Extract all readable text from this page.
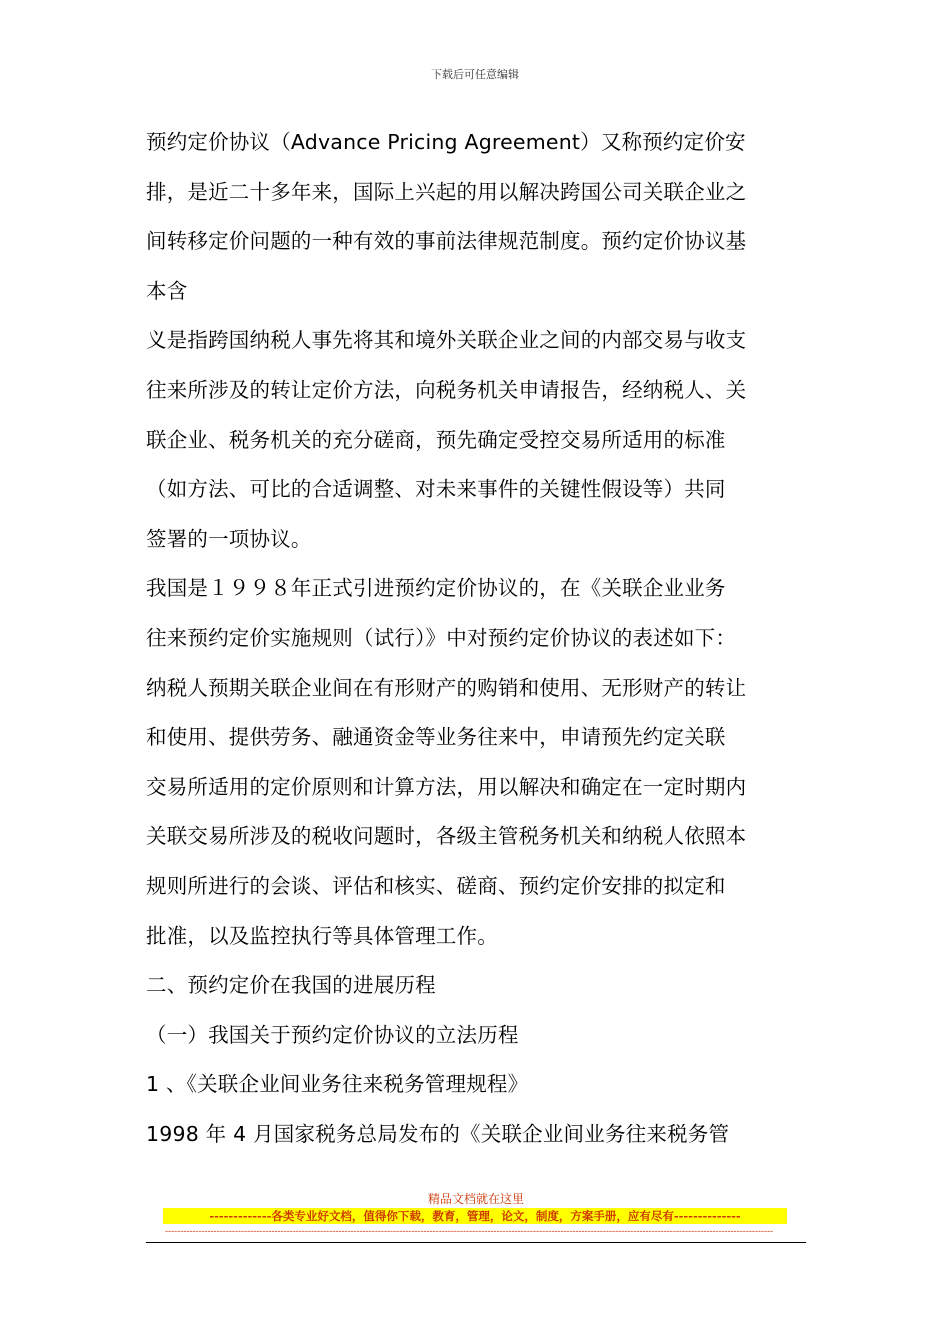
下载后可任意编辑
预约定价协议（Advance Pricing Agreement）又称预约定价安
排，是近二十多年来，国际上兴起的用以解决跨国公司关联企业之
间转移定价问题的一种有效的事前法律规范制度。预约定价协议基
本含
义是指跨国纳税人事先将其和境外关联企业之间的内部交易与收支
往来所涉及的转让定价方法，向税务机关申请报告，经纳税人、关
联企业、税务机关的充分磋商，预先确定受控交易所适用的标准
（如方法、可比的合适调整、对未来事件的关键性假设等）共同
签署的一项协议。
我国是１９９８年正式引进预约定价协议的，在《关联企业业务
往来预约定价实施规则（试行）》中对预约定价协议的表述如下：
纳税人预期关联企业间在有形财产的购销和使用、无形财产的转让
和使用、提供劳务、融通资金等业务往来中，申请预先约定关联
交易所适用的定价原则和计算方法，用以解决和确定在一定时期内
关联交易所涉及的税收问题时，各级主管税务机关和纳税人依照本
规则所进行的会谈、评估和核实、磋商、预约定价安排的拟定和
批准，以及监控执行等具体管理工作。
二、预约定价在我国的进展历程
（一）我国关于预约定价协议的立法历程
1 、《关联企业间业务往来税务管理规程》
1998 年 4 月国家税务总局发布的《关联企业间业务往来税务管
精品文档就在这里
-------------各类专业好文档，值得你下载，教育，管理，论文，制度，方案手册，应有尽有--------------
--------------------------------------------------------------------------------------------------------------------------------------------------------------------------------------------------------
